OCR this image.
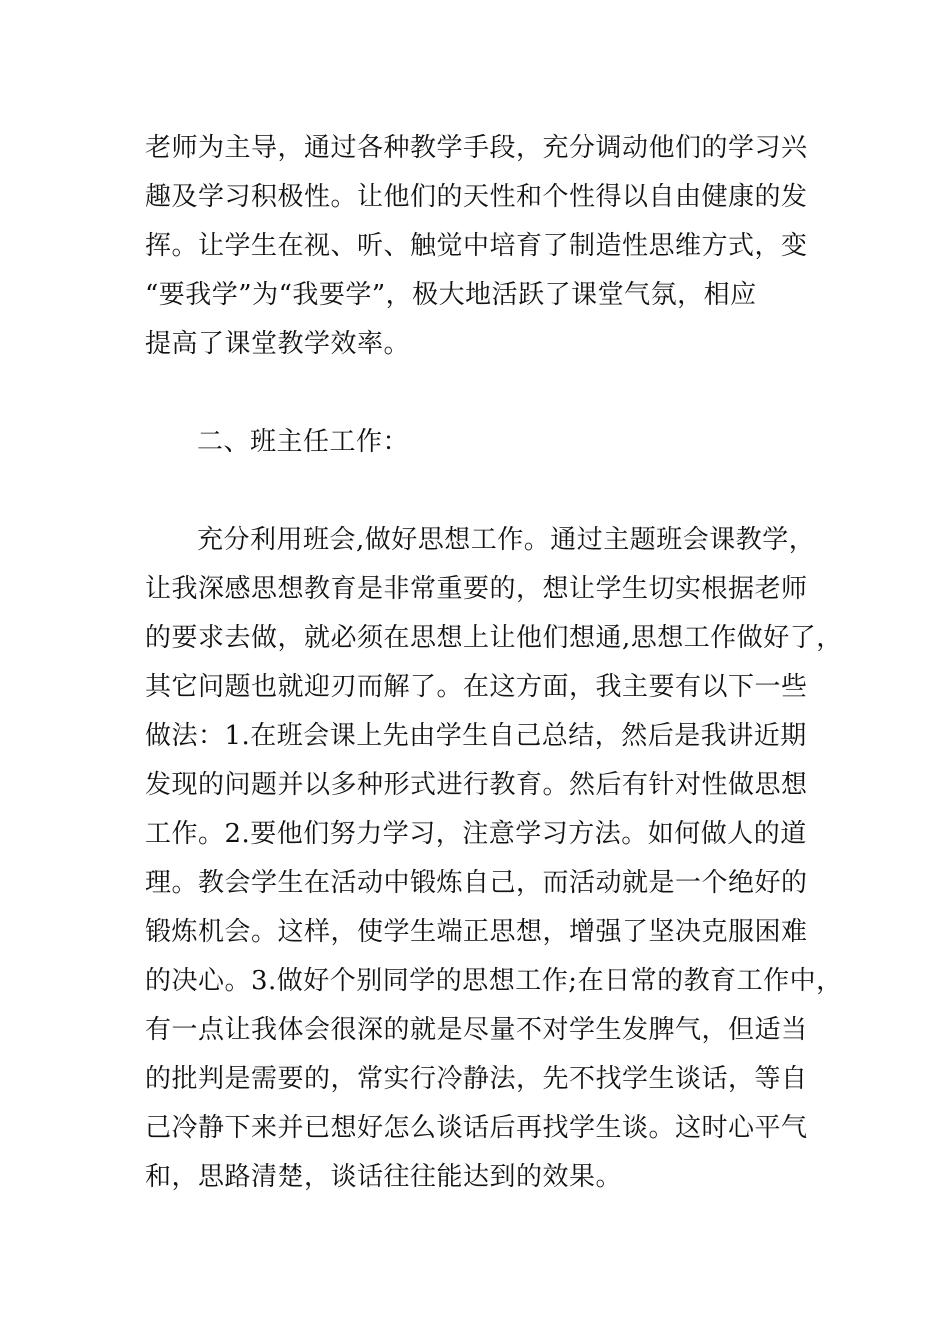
老师为主导，通过各种教学手段，充分调动他们的学习兴
趣及学习积极性。让他们的天性和个性得以自由健康的发
挥。让学生在视、听、触觉中培育了制造性思维方式，变
“要我学”为“我要学”，极大地活跃了课堂气氛，相应
提高了课堂教学效率。

二、班主任工作：

充分利用班会,做好思想工作。通过主题班会课教学，
让我深感思想教育是非常重要的，想让学生切实根据老师
的要求去做，就必须在思想上让他们想通,思想工作做好了，
其它问题也就迎刃而解了。在这方面，我主要有以下一些
做法：1.在班会课上先由学生自己总结，然后是我讲近期
发现的问题并以多种形式进行教育。然后有针对性做思想
工作。2.要他们努力学习，注意学习方法。如何做人的道
理。教会学生在活动中锻炼自己，而活动就是一个绝好的
锻炼机会。这样，使学生端正思想，增强了坚决克服困难
的决心。3.做好个别同学的思想工作;在日常的教育工作中，
有一点让我体会很深的就是尽量不对学生发脾气，但适当
的批判是需要的，常实行冷静法，先不找学生谈话，等自
己冷静下来并已想好怎么谈话后再找学生谈。这时心平气
和，思路清楚，谈话往往能达到的效果。
